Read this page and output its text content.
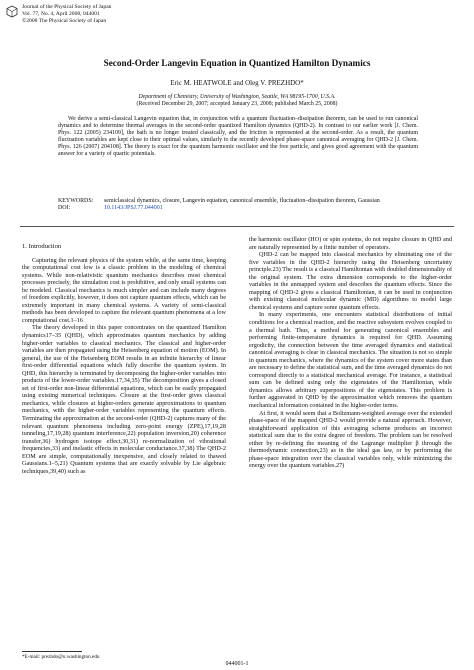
Journal of the Physical Society of Japan
Vol. 77, No. 4, April 2008, 044001
©2008 The Physical Society of Japan
Second-Order Langevin Equation in Quantized Hamilton Dynamics
Eric M. HEATWOLE and Oleg V. PREZHDO*
Department of Chemistry, University of Washington, Seattle, WA 98195-1700, U.S.A.
(Received December 29, 2007; accepted January 23, 2008; published March 25, 2008)

We derive a semi-classical Langevin equation that, in conjunction with a quantum fluctuation–dissipation theorem, can be used to run canonical dynamics and to determine thermal averages in the second-order quantized Hamilton dynamics (QHD-2). In contrast to our earlier work [J. Chem. Phys. 122 (2005) 234109], the bath is no longer treated classically, and the friction is represented at the second-order. As a result, the quantum fluctuation variables are kept close to their optimal values, similarly to the recently developed phase-space canonical averaging for QHD-2 [J. Chem. Phys. 126 (2007) 204108]. The theory is exact for the quantum harmonic oscillator and the free particle, and gives good agreement with the quantum answer for a variety of quartic potentials.

KEYWORDS:	semiclassical dynamics, closure, Langevin equation, canonical ensemble, fluctuation–dissipation theorem, Gaussian
DOI:	10.1143/JPSJ.77.044001
1. Introduction

Capturing the relevant physics of the system while, at the same time, keeping the computational cost low is a classic problem in the modeling of chemical systems. While non-relativistic quantum mechanics describes most chemical processes precisely, the simulation cost is prohibitive, and only small systems can be modeled. Classical mechanics is much simpler and can include many degrees of freedom explicitly, however, it does not capture quantum effects, which can be extremely important in many chemical systems. A variety of semi-classical methods has been developed to capture the relevant quantum phenomena at a low computational cost.1–16

The theory developed in this paper concentrates on the quantized Hamilton dynamics17–35 (QHD), which approximates quantum mechanics by adding higher-order variables to classical mechanics. The classical and higher-order variables are then propagated using the Heisenberg equation of motion (EOM). In general, the use of the Heisenberg EOM results in an infinite hierarchy of linear first-order differential equations which fully describe the quantum system. In QHD, this hierarchy is terminated by decomposing the higher-order variables into products of the lower-order variables.17,34,35) The decomposition gives a closed set of first-order non-linear differential equations, which can be easily propagated using existing numerical techniques. Closure at the first-order gives classical mechanics, while closures at higher-orders generate approximations to quantum mechanics, with the higher-order variables representing the quantum effects. Terminating the approximation at the second-order (QHD-2) captures many of the relevant quantum phenomena including zero-point energy (ZPE),17,19,28 tunneling,17,19,28) quantum interference,22) population inversion,20) coherence transfer,36) hydrogen isotope effect,30,31) re-normalization of vibrational frequencies,33) and inelastic effects in molecular conductance.37,38) The QHD-2 EOM are simple, computationally inexpensive, and closely related to thawed Gaussians.1–5,21) Quantum systems that are exactly solvable by Lie algebraic techniques,39,40) such as

the harmonic oscillator (HO) or spin systems, do not require closure in QHD and are naturally represented by a finite number of operators.

QHD-2 can be mapped into classical mechanics by eliminating one of the five variables in the QHD-2 hierarchy using the Heisenberg uncertainty principle.23) The result is a classical Hamiltonian with doubled dimensionality of the original system. The extra dimension corresponds to the higher-order variables in the unmapped system and describes the quantum effects. Since the mapping of QHD-2 gives a classical Hamiltonian, it can be used in conjunction with existing classical molecular dynamic (MD) algorithms to model large chemical systems and capture some quantum effects.

In many experiments, one encounters statistical distributions of initial conditions for a chemical reaction, and the reactive subsystem evolves coupled to a thermal bath. Thus, a method for generating canonical ensembles and performing finite-temperature dynamics is required for QHD. Assuming ergodicity, the connection between the time averaged dynamics and statistical canonical averaging is clear in classical mechanics. The situation is not so simple in quantum mechanics, where the dynamics of the system cover more states than are necessary to define the statistical sum, and the time averaged dynamics do not correspond directly to a statistical mechanical average. For instance, a statistical sum can be defined using only the eigenstates of the Hamiltonian, while dynamics allows arbitrary superpositions of the eigenstates. This problem is further aggravated in QHD by the approximation which removes the quantum mechanical information contained in the higher-order terms.

At first, it would seem that a Boltzmann-weighted average over the extended phase-space of the mapped QHD-2 would provide a natural approach. However, straightforward application of this averaging scheme produces an incorrect statistical sum due to the extra degree of freedom. The problem can be resolved either by re-defining the meaning of the Lagrange multiplier β through the thermodynamic connection,23) as in the ideal gas law, or by performing the phase-space integration over the classical variables only, while minimizing the energy over the quantum variables.27)

*E-mail: prezhdo@u.washington.edu
044001-1
